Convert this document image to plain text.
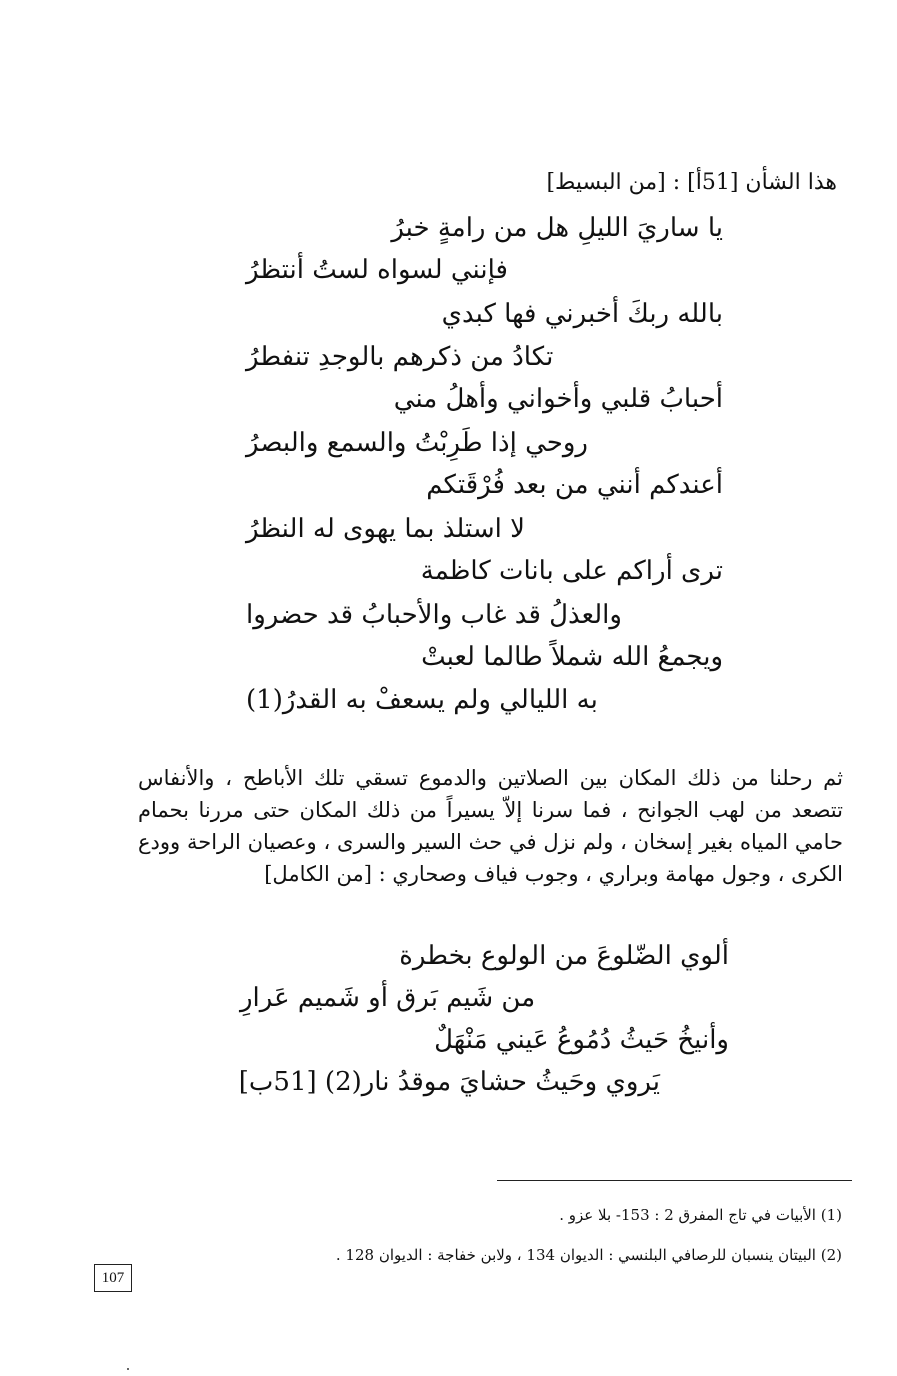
هذا الشأن [51أ] : [من البسيط]
يا ساريَ الليلِ هل من رامةٍ خبرُ
فإنني لسواه لستُ أنتظرُ
بالله ربكَ أخبرني فها كبدي
تكادُ من ذكرهم بالوجدِ تنفطرُ
أحبابُ قلبي وأخواني وأهلُ مني
روحي إذا طَرِبْتُ والسمع والبصرُ
أعندكم أنني من بعد فُرْقَتكم
لا استلذ بما يهوى له النظرُ
ترى أراكم على بانات كاظمة
والعذلُ قد غاب والأحبابُ قد حضروا
ويجمعُ الله شملاً طالما لعبتْ
به الليالي ولم يسعفْ به القدرُ(1)
ثم رحلنا من ذلك المكان بين الصلاتين والدموع تسقي تلك الأباطح ، والأنفاس تتصعد من لهب الجوانح ، فما سرنا إلاّ يسيراً من ذلك المكان حتى مررنا بحمام حامي المياه بغير إسخان ، ولم نزل في حث السير والسرى ، وعصيان الراحة وودع الكرى ، وجول مهامة وبراري ، وجوب فياف وصحاري : [من الكامل]
ألوي الضّلوعَ من الولوع بخطرة
من شَيم بَرق أو شَميم عَرارِ
وأنيخُ حَيثُ دُمُوعُ عَيني مَنْهَلٌ
يَروي وحَيثُ حشايَ موقدُ نار(2) [51ب]
(1) الأبيات في تاج المفرق 2 : 153- بلا عزو .
(2) البيتان ينسبان للرصافي البلنسي : الديوان 134 ، ولابن خفاجة : الديوان 128 .
107
